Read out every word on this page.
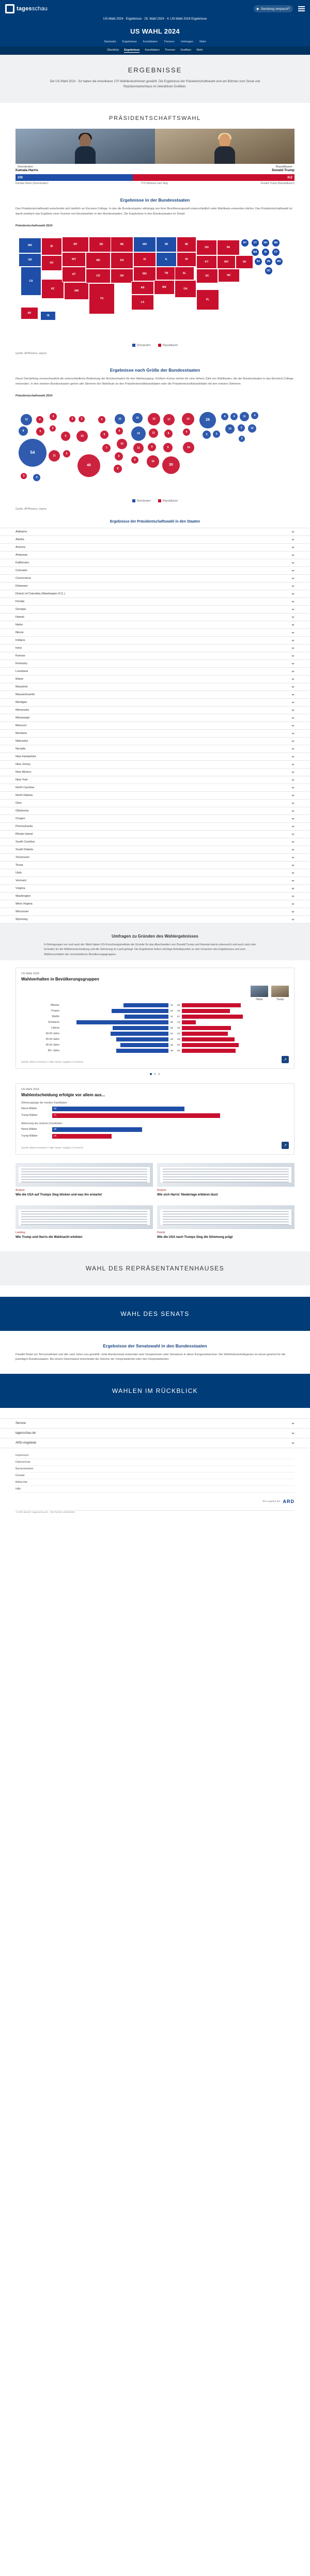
tagesschau	▶ Sendung verpasst?
US-Wahl 2024 · Ergebnisse · 25. Wahl 2024 · 4. US-Wahl 2024 Ergebnisse
US WAHL 2024
Startseite Ergebnisse Kandidaten Themen Umfragen Mehr
Überblick Ergebnisse Kandidaten Themen Grafiken Mehr
ERGEBNISSE

Die US-Wahl 2024 - So haben die Amerikaner 270 Wahlleutestimmen gewählt. Die Ergebnisse der Präsidentschaftswahl sind am Bühnen zum Senat und Repräsentantenhaus im interaktiven Grafiken.

PRÄSIDENTSCHAFTSWAHL
Demokraten
Kamala Harris
Republikaner
Donald Trump
226	312
Kamala Harris (Demokraten)	270 Stimmen zum Sieg	Donald Trump (Republikaner)
Ergebnisse in der Bundesstaaten

Das Präsidentschaftswahl entscheidet sich letztlich an Decision-College. In das die Bundesstaaten abhängig von ihrer Bevölkerungszahl unterschiedlich viele Wahlleute entsenden dürfen. Das Präsidentschaftswahl ist damit zweifach das Ergebnis einer Summe von Einzelwahlen in den Bundesstaaten. Die Ergebnisse in den Bundesstaaten im Detail:

Präsidentschaftswahl 2024
WA
OR
CA
ID
NV
AZ
MT
WY
UT
NM
ND
CO
SD
TX
NE
KS
OK
MN
IA
MO
AR
LA
WI
IL
TN
MS
MI
IN
AL
GA
OH
KY
SC
FL
PA
WV
NC
VA
NY	VT	NH	ME
MA	RI	CT
NJ	DE	MD
DC
AK
HI
Demokraten	Republikaner
Quelle: AP/Reuters, eigene
Ergebnisse nach Größe der Bundesstaaten

Diese Darstellung veranschaulicht die unterschiedliche Bedeutung der Bundesstaaten für den Wahlausgang. Größere Kreise stehen für eine höhere Zahl von Wahlleuten, die der Bundesstaaten in das Electoral College entsenden. In den meisten Bundesstaaten gehen alle Stimmen der Wahlleute an den Präsidentschaftskandidaten oder die Präsidentschaftskandidatin mit den meisten Stimmen.

Präsidentschaftswahl 2024
12
8
54
4
6
11
4
3
6
5
3
10
3
40
5
6
7
10
6
10
6
8
10
19
11
6
15
11
9
16
17
8
9
30
19
4
16
28
4	3
4	4	11	4
14	3	10
3
3	4
Demokraten	Republikaner
Quelle: AP/Reuters, eigene
Ergebnisse der Präsidentschaftswahl in den Staaten
Alabama
Alaska
Arizona
Arkansas
Kalifornien
Colorado
Connecticut
Delaware
District of Columbia (Washington D.C.)
Florida
Georgia
Hawaii
Idaho
Illinois
Indiana
Iowa
Kansas
Kentucky
Louisiana
Maine
Maryland
Massachusetts
Michigan
Minnesota
Mississippi
Missouri
Montana
Nebraska
Nevada
New Hampshire
New Jersey
New Mexico
New York
North Carolina
North Dakota
Ohio
Oklahoma
Oregon
Pennsylvania
Rhode Island
South Carolina
South Dakota
Tennessee
Texas
Utah
Vermont
Virginia
Washington
West Virginia
Wisconsin
Wyoming
Umfragen zu Gründen des Wahlergebnisses

In Befragungen vor und nach der Wahl haben US-Forschungsinstitute die Gründe für das Abschneiden von Donald Trump und Kamala Harris untersucht und auch nach den Gründen für die Wählerentscheidung und die Stimmung im Land gefragt. Die Ergebnisse liefern wichtige Anhaltspunkte zu den Ursachen des Ergebnisses und zum Wählerverhalten der verschiedenen Bevölkerungsgruppen.

US-Wahl 2024
Wahlverhalten in Bevölkerungsgruppen
Harris	Trump
Männer	42	55
Frauen	53	45
Weiße	41	57
Schwarze	86	13
Latinos	52	46
18-29 Jahre	54	43
30-44 Jahre	49	49
45-64 Jahre	45	53
65+ Jahre	49	50
Quelle: Edison Research / NBC News, Angaben in Prozent
↗
US-Wahl 2024
Wahlentscheidung erfolgte vor allem aus...
Stimmungslage der meisten Kandidaten
Harris-Wähler	56
Trump-Wähler	71
Ablehnung des anderen Kandidaten
Harris-Wähler	38
Trump-Wähler	25
Quelle: Edison Research / NBC News, Angaben in Prozent
↗
Analyse
Wie die USA auf Trumps Sieg blicken und was ihn erwartet
Analyse
Wie sich Harris' Niederlage erklären lässt
Liveblog
Wie Trump und Harris die Wahlnacht erlebten
Porträt
Wie die USA nach Trumps Sieg die Stimmung prägt
WAHL DES REPRÄSENTANTENHAUSES
WAHL DES SENATS
Ergebnisse der Senatswahl in den Bundesstaaten

Parallel findet ein Teil konstituiert und alle zwei Jahre neu gewählt: Jede Bundesstaat entsendet zwei Senatorinnen oder Senatoren in diese Kongresskammer. Die Wahlmännerkollegiums ist einzel gewinnt für die jeweiligen Bundesstaaten. Bei einem Gleichstand entscheidet die Stimme der Vizepräsidentin oder des Vizepräsidenten.

WAHLEN IM RÜCKBLICK
Service
tagesschau.de
ARD-Angebote
Impressum
Datenschutz
Barrierefreiheit
Kontakt
Bildrechte
Hilfe
Ein Angebot der ARD
© ARD-aktuell / tagesschau.de · Alle Rechte vorbehalten
